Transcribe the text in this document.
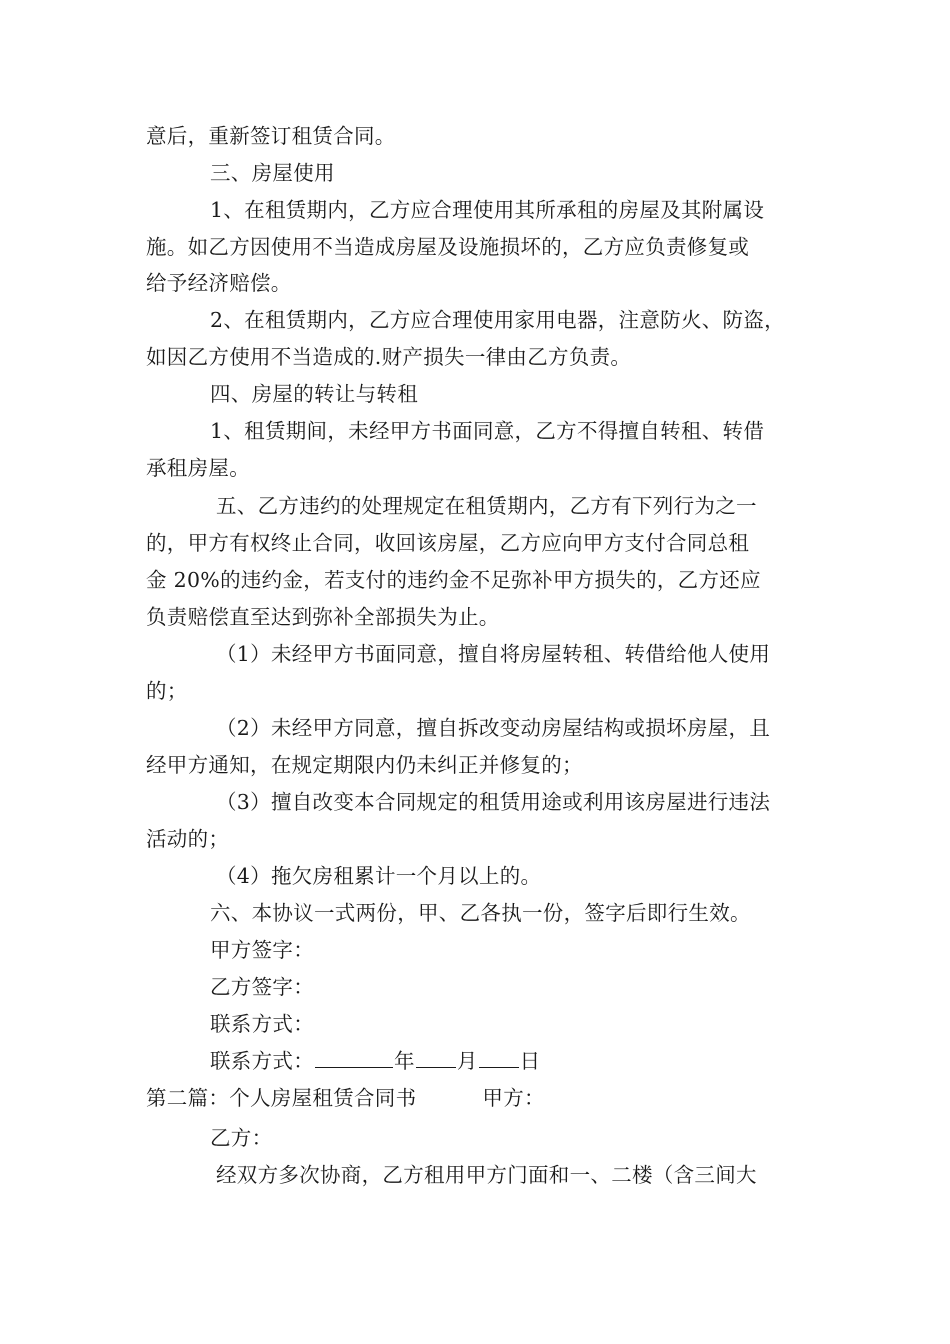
意后，重新签订租赁合同。
三、房屋使用
1、在租赁期内，乙方应合理使用其所承租的房屋及其附属设
施。如乙方因使用不当造成房屋及设施损坏的，乙方应负责修复或
给予经济赔偿。
2、在租赁期内，乙方应合理使用家用电器，注意防火、防盗，
如因乙方使用不当造成的.财产损失一律由乙方负责。
四、房屋的转让与转租
1、租赁期间，未经甲方书面同意，乙方不得擅自转租、转借
承租房屋。
五、乙方违约的处理规定在租赁期内，乙方有下列行为之一
的，甲方有权终止合同，收回该房屋，乙方应向甲方支付合同总租
金 20%的违约金，若支付的违约金不足弥补甲方损失的，乙方还应
负责赔偿直至达到弥补全部损失为止。
（1）未经甲方书面同意，擅自将房屋转租、转借给他人使用
的；
（2）未经甲方同意，擅自拆改变动房屋结构或损坏房屋，且
经甲方通知，在规定期限内仍未纠正并修复的；
（3）擅自改变本合同规定的租赁用途或利用该房屋进行违法
活动的；
（4）拖欠房租累计一个月以上的。
六、本协议一式两份，甲、乙各执一份，签字后即行生效。
甲方签字：
乙方签字：
联系方式：
联系方式：	年 月 日
第二篇：个人房屋租赁合同书	甲方：
乙方：
经双方多次协商，乙方租用甲方门面和一、二楼（含三间大
